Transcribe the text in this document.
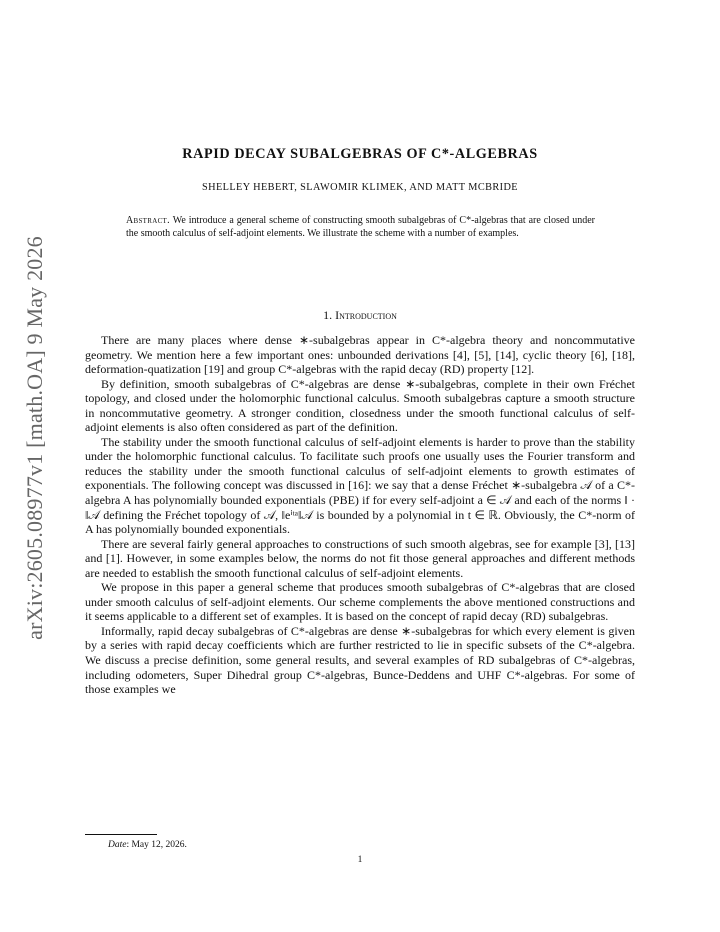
arXiv:2605.08977v1 [math.OA] 9 May 2026
RAPID DECAY SUBALGEBRAS OF C*-ALGEBRAS
SHELLEY HEBERT, SLAWOMIR KLIMEK, AND MATT MCBRIDE
Abstract. We introduce a general scheme of constructing smooth subalgebras of C*-algebras that are closed under the smooth calculus of self-adjoint elements. We illustrate the scheme with a number of examples.
1. Introduction

There are many places where dense ∗-subalgebras appear in C*-algebra theory and noncommutative geometry. We mention here a few important ones: unbounded derivations [4], [5], [14], cyclic theory [6], [18], deformation-quatization [19] and group C*-algebras with the rapid decay (RD) property [12].

By definition, smooth subalgebras of C*-algebras are dense ∗-subalgebras, complete in their own Fréchet topology, and closed under the holomorphic functional calculus. Smooth subalgebras capture a smooth structure in noncommutative geometry. A stronger condition, closedness under the smooth functional calculus of self-adjoint elements is also often considered as part of the definition.

The stability under the smooth functional calculus of self-adjoint elements is harder to prove than the stability under the holomorphic functional calculus. To facilitate such proofs one usually uses the Fourier transform and reduces the stability under the smooth functional calculus of self-adjoint elements to growth estimates of exponentials. The following concept was discussed in [16]: we say that a dense Fréchet ∗-subalgebra 𝒜 of a C*-algebra A has polynomially bounded exponentials (PBE) if for every self-adjoint a ∈ 𝒜 and each of the norms ‖ · ‖𝒜 defining the Fréchet topology of 𝒜, ‖eⁱᵗᵃ‖𝒜 is bounded by a polynomial in t ∈ ℝ. Obviously, the C*-norm of A has polynomially bounded exponentials.

There are several fairly general approaches to constructions of such smooth algebras, see for example [3], [13] and [1]. However, in some examples below, the norms do not fit those general approaches and different methods are needed to establish the smooth functional calculus of self-adjoint elements.

We propose in this paper a general scheme that produces smooth subalgebras of C*-algebras that are closed under smooth calculus of self-adjoint elements. Our scheme complements the above mentioned constructions and it seems applicable to a different set of examples. It is based on the concept of rapid decay (RD) subalgebras.

Informally, rapid decay subalgebras of C*-algebras are dense ∗-subalgebras for which every element is given by a series with rapid decay coefficients which are further restricted to lie in specific subsets of the C*-algebra. We discuss a precise definition, some general results, and several examples of RD subalgebras of C*-algebras, including odometers, Super Dihedral group C*-algebras, Bunce-Deddens and UHF C*-algebras. For some of those examples we

Date: May 12, 2026.
1
